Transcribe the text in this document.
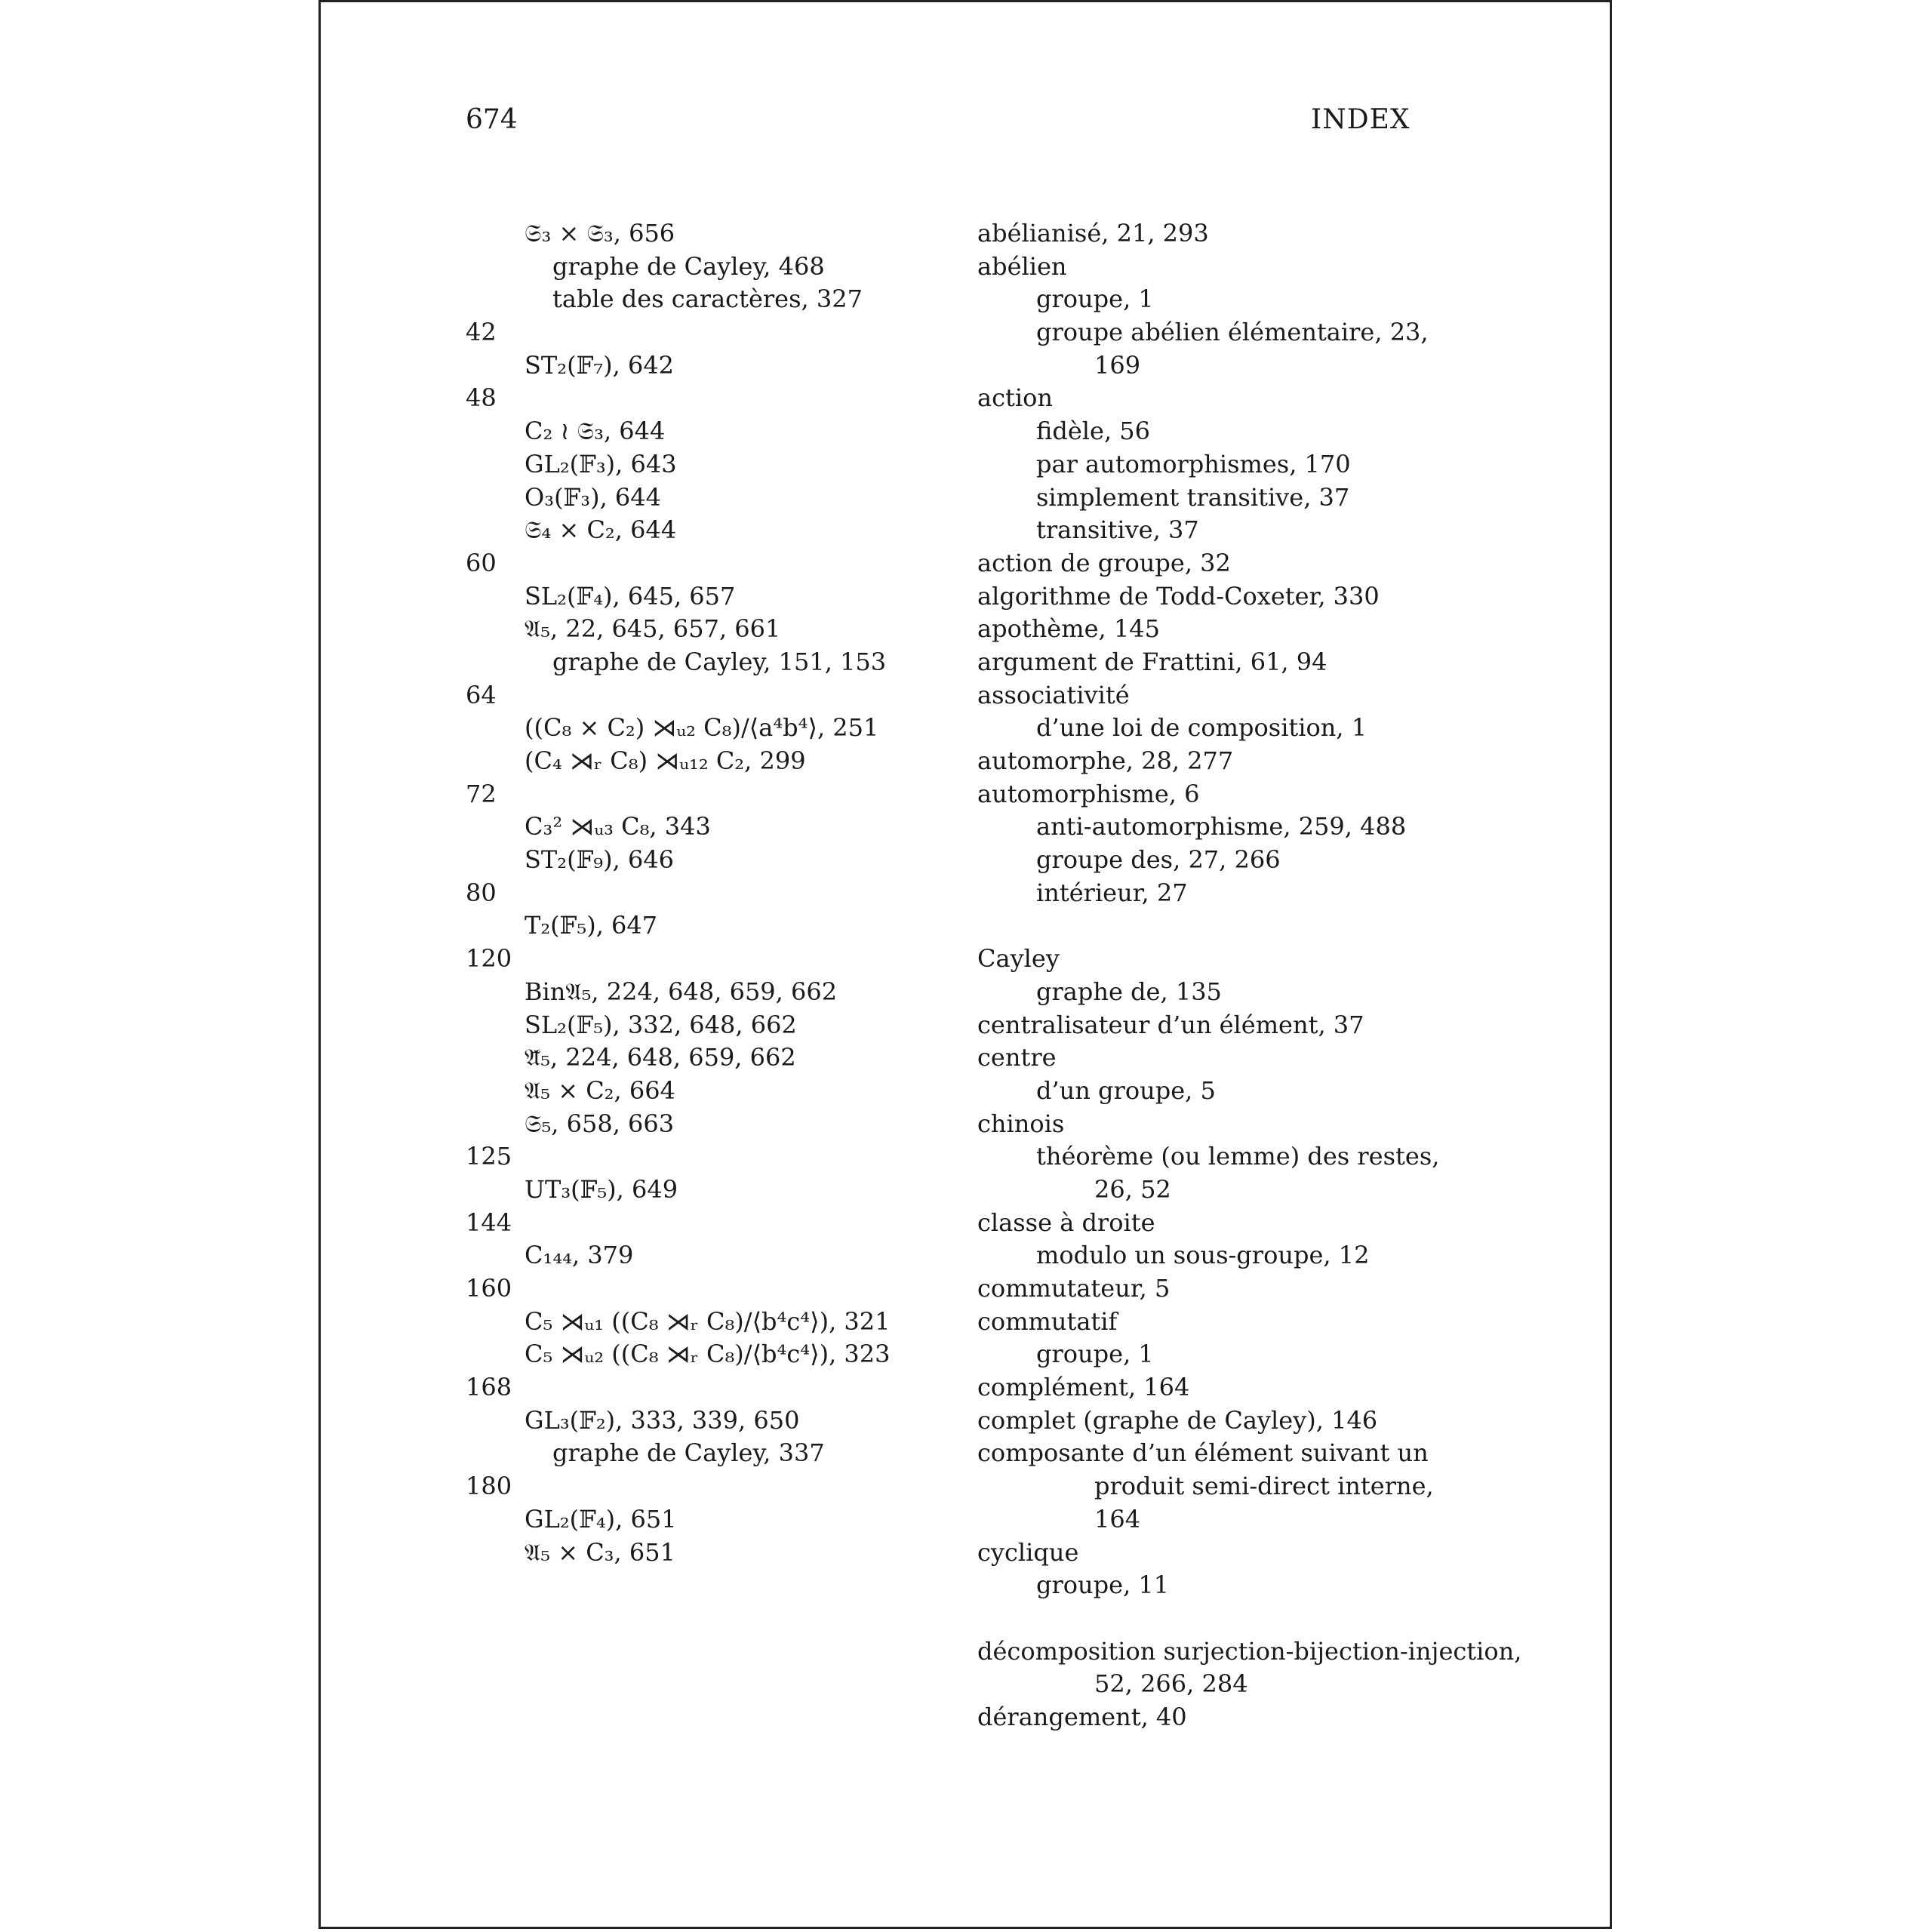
674	INDEX
𝔖₃ × 𝔖₃, 656
graphe de Cayley, 468
table des caractères, 327
42
ST₂(𝔽₇), 642
48
C₂ ≀ 𝔖₃, 644
GL₂(𝔽₃), 643
O₃(𝔽₃), 644
𝔖₄ × C₂, 644
60
SL₂(𝔽₄), 645, 657
𝔄₅, 22, 645, 657, 661
graphe de Cayley, 151, 153
64
((C₈ × C₂) ⋊ᵤ₂ C₈)/⟨a⁴b⁴⟩, 251
(C₄ ⋊ᵣ C₈) ⋊ᵤ₁₂ C₂, 299
72
C₃² ⋊ᵤ₃ C₈, 343
ST₂(𝔽₉), 646
80
T₂(𝔽₅), 647
120
Bin𝔄₅, 224, 648, 659, 662
SL₂(𝔽₅), 332, 648, 662
𝔄̃₅, 224, 648, 659, 662
𝔄₅ × C₂, 664
𝔖₅, 658, 663
125
UT₃(𝔽₅), 649
144
C₁₄₄, 379
160
C₅ ⋊ᵤ₁ ((C₈ ⋊ᵣ C₈)/⟨b⁴c⁴⟩), 321
C₅ ⋊ᵤ₂ ((C₈ ⋊ᵣ C₈)/⟨b⁴c⁴⟩), 323
168
GL₃(𝔽₂), 333, 339, 650
graphe de Cayley, 337
180
GL₂(𝔽₄), 651
𝔄₅ × C₃, 651
abélianisé, 21, 293
abélien
groupe, 1
groupe abélien élémentaire, 23,
169
action
fidèle, 56
par automorphismes, 170
simplement transitive, 37
transitive, 37
action de groupe, 32
algorithme de Todd-Coxeter, 330
apothème, 145
argument de Frattini, 61, 94
associativité
d’une loi de composition, 1
automorphe, 28, 277
automorphisme, 6
anti-automorphisme, 259, 488
groupe des, 27, 266
intérieur, 27
Cayley
graphe de, 135
centralisateur d’un élément, 37
centre
d’un groupe, 5
chinois
théorème (ou lemme) des restes,
26, 52
classe à droite
modulo un sous-groupe, 12
commutateur, 5
commutatif
groupe, 1
complément, 164
complet (graphe de Cayley), 146
composante d’un élément suivant un
produit semi-direct interne,
164
cyclique
groupe, 11
décomposition surjection-bijection-injection,
52, 266, 284
dérangement, 40
